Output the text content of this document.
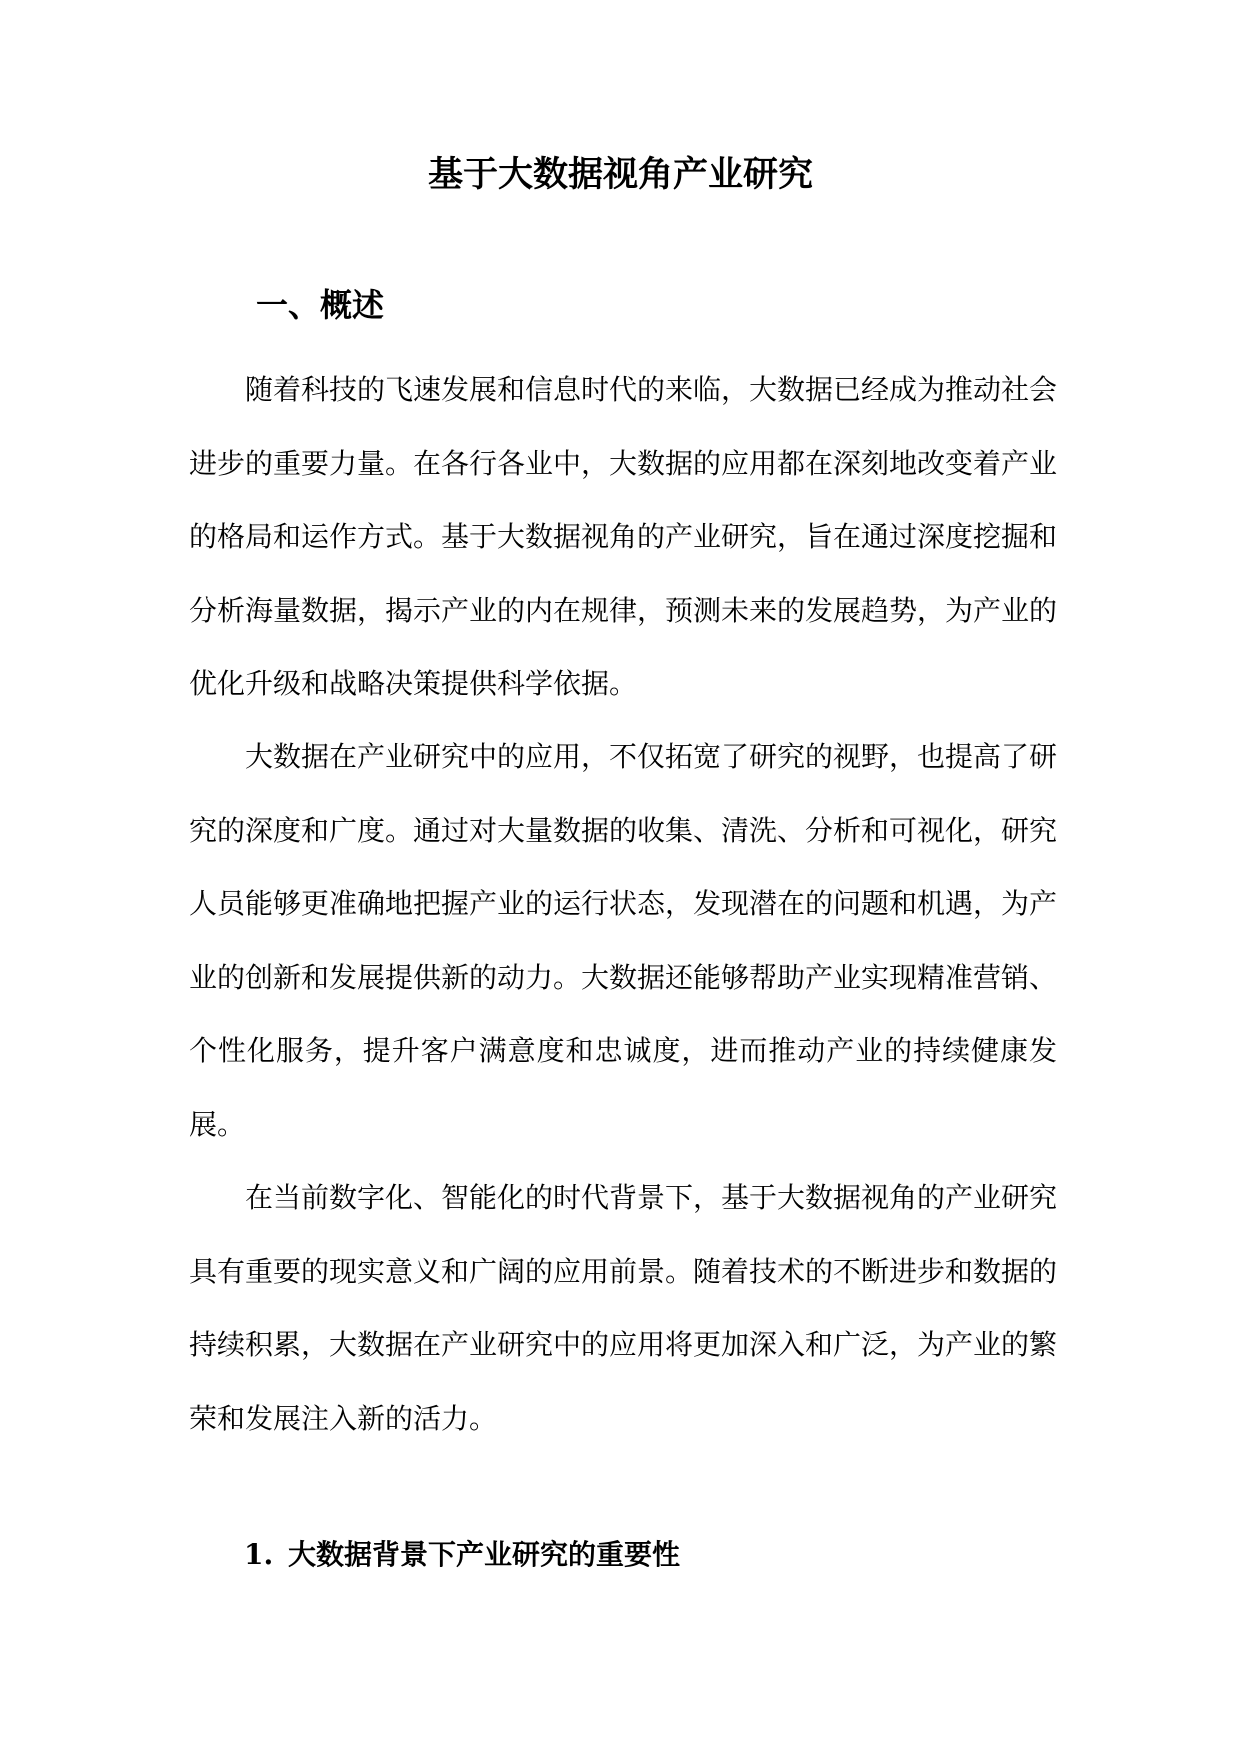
基于大数据视角产业研究
一、概述

随着科技的飞速发展和信息时代的来临，大数据已经成为推动社会进步的重要力量。在各行各业中，大数据的应用都在深刻地改变着产业的格局和运作方式。基于大数据视角的产业研究，旨在通过深度挖掘和分析海量数据，揭示产业的内在规律，预测未来的发展趋势，为产业的优化升级和战略决策提供科学依据。

大数据在产业研究中的应用，不仅拓宽了研究的视野，也提高了研究的深度和广度。通过对大量数据的收集、清洗、分析和可视化，研究人员能够更准确地把握产业的运行状态，发现潜在的问题和机遇，为产业的创新和发展提供新的动力。大数据还能够帮助产业实现精准营销、个性化服务，提升客户满意度和忠诚度，进而推动产业的持续健康发展。

在当前数字化、智能化的时代背景下，基于大数据视角的产业研究具有重要的现实意义和广阔的应用前景。随着技术的不断进步和数据的持续积累，大数据在产业研究中的应用将更加深入和广泛，为产业的繁荣和发展注入新的活力。

1. 大数据背景下产业研究的重要性
